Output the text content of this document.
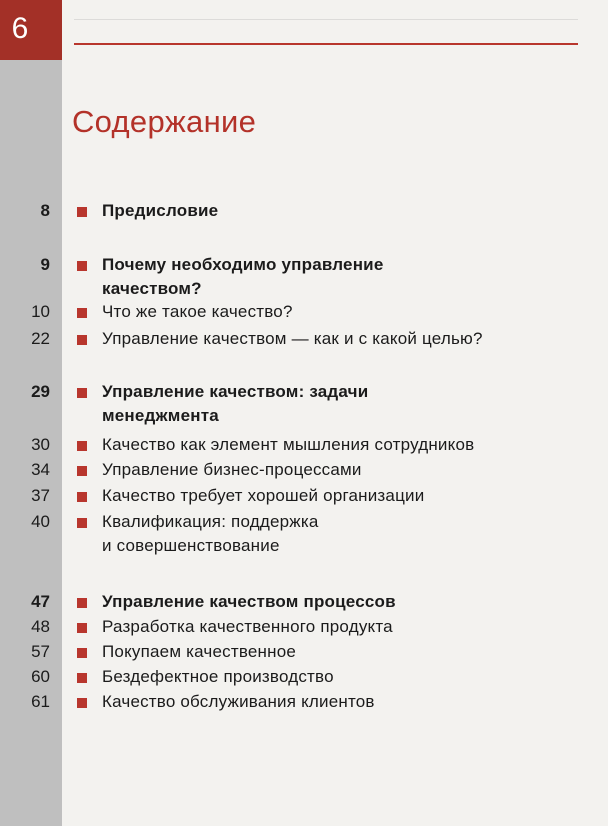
6
Содержание
8	Предисловие
9	Почему необходимо управление
качеством?
10	Что же такое качество?
22	Управление качеством — как и с какой целью?
29	Управление качеством: задачи
менеджмента
30	Качество как элемент мышления сотрудников
34	Управление бизнес-процессами
37	Качество требует хорошей организации
40	Квалификация: поддержка
и совершенствование
47	Управление качеством процессов
48	Разработка качественного продукта
57	Покупаем качественное
60	Бездефектное производство
61	Качество обслуживания клиентов
